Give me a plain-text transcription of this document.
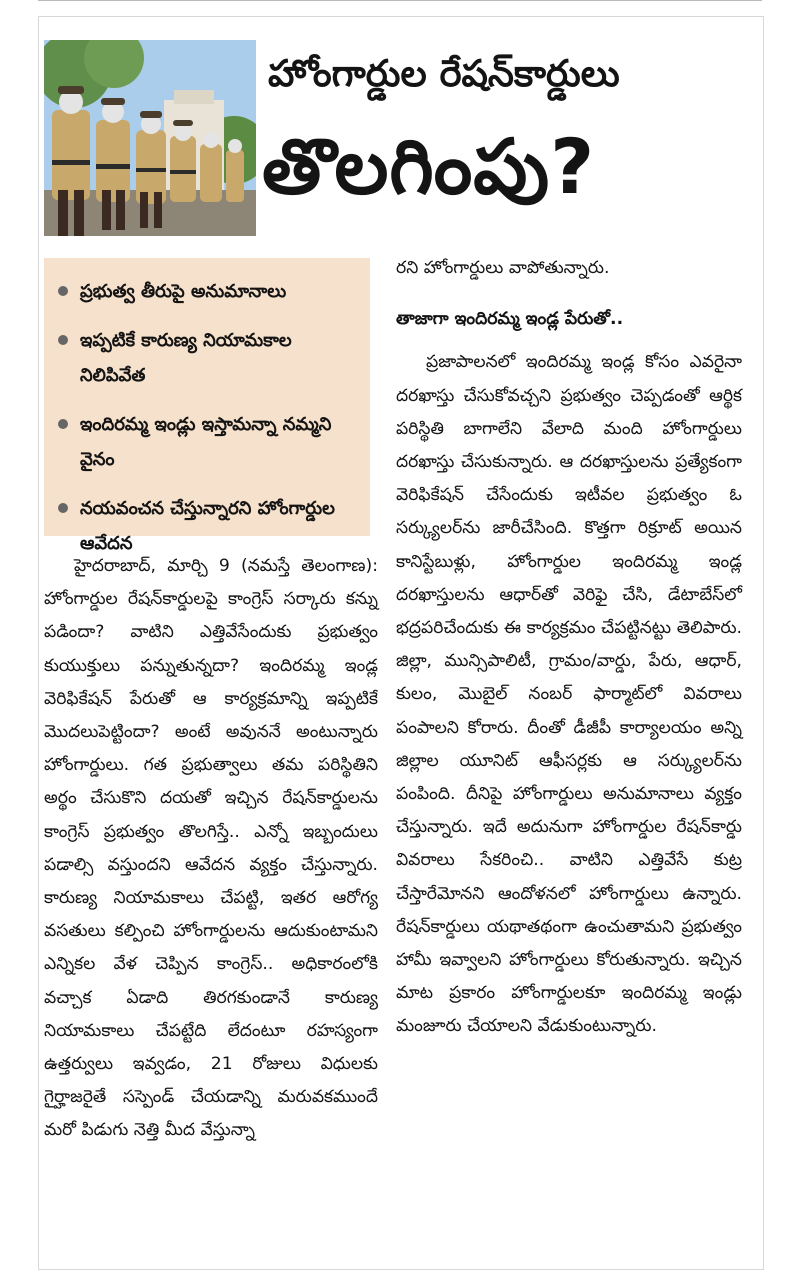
హోంగార్డుల రేషన్‌కార్డులు
తొలగింపు?
ప్రభుత్వ తీరుపై అనుమానాలు
ఇప్పటికే కారుణ్య నియామకాల నిలిపివేత
ఇందిరమ్మ ఇండ్లు ఇస్తామన్నా నమ్మని వైనం
నయవంచన చేస్తున్నారని హోంగార్డుల ఆవేదన

హైదరాబాద్, మార్చి 9 (నమస్తే తెలంగాణ): హోంగార్డుల రేషన్‌కార్డులపై కాంగ్రెస్ సర్కారు కన్ను పడిందా? వాటిని ఎత్తివేసేందుకు ప్రభుత్వం కుయుక్తులు పన్నుతున్నదా? ఇందిరమ్మ ఇండ్ల వెరిఫికేషన్ పేరుతో ఆ కార్యక్రమాన్ని ఇప్పటికే మొదలుపెట్టిందా? అంటే అవుననే అంటున్నారు హోంగార్డులు. గత ప్రభుత్వాలు తమ పరిస్థితిని అర్థం చేసుకొని దయతో ఇచ్చిన రేషన్‌కార్డులను కాంగ్రెస్ ప్రభుత్వం తొలగిస్తే.. ఎన్నో ఇబ్బందులు పడాల్సి వస్తుందని ఆవేదన వ్యక్తం చేస్తున్నారు. కారుణ్య నియామకాలు చేపట్టి, ఇతర ఆరోగ్య వసతులు కల్పించి హోంగార్డులను ఆదుకుంటామని ఎన్నికల వేళ చెప్పిన కాంగ్రెస్.. అధికారంలోకి వచ్చాక ఏడాది తిరగకుండానే కారుణ్య నియామకాలు చేపట్టేది లేదంటూ రహస్యంగా ఉత్తర్వులు ఇవ్వడం, 21 రోజులు విధులకు గైర్హాజరైతే సస్పెండ్ చేయడాన్ని మరువకముందే మరో పిడుగు నెత్తి మీద వేస్తున్నా

రని హోంగార్డులు వాపోతున్నారు.

తాజాగా ఇందిరమ్మ ఇండ్ల పేరుతో..

ప్రజాపాలనలో ఇందిరమ్మ ఇండ్ల కోసం ఎవరైనా దరఖాస్తు చేసుకోవచ్చని ప్రభుత్వం చెప్పడంతో ఆర్థిక పరిస్థితి బాగాలేని వేలాది మంది హోంగార్డులు దరఖాస్తు చేసుకున్నారు. ఆ దరఖాస్తులను ప్రత్యేకంగా వెరిఫికేషన్ చేసేందుకు ఇటీవల ప్రభుత్వం ఓ సర్క్యులర్‌ను జారీచేసింది. కొత్తగా రిక్రూట్ అయిన కానిస్టేబుళ్లు, హోంగార్డుల ఇందిరమ్మ ఇండ్ల దరఖాస్తులను ఆధార్‌తో వెరిఫై చేసి, డేటాబేస్‌లో భద్రపరిచేందుకు ఈ కార్యక్రమం చేపట్టినట్టు తెలిపారు. జిల్లా, మున్సిపాలిటీ, గ్రామం/వార్డు, పేరు, ఆధార్, కులం, మొబైల్ నంబర్ ఫార్మాట్‌లో వివరాలు పంపాలని కోరారు. దీంతో డీజీపీ కార్యాలయం అన్ని జిల్లాల యూనిట్ ఆఫీసర్లకు ఆ సర్క్యులర్‌ను పంపింది. దీనిపై హోంగార్డులు అనుమానాలు వ్యక్తం చేస్తున్నారు. ఇదే అదునుగా హోంగార్డుల రేషన్‌కార్డు వివరాలు సేకరించి.. వాటిని ఎత్తివేసే కుట్ర చేస్తారేమోనని ఆందోళనలో హోంగార్డులు ఉన్నారు. రేషన్‌కార్డులు యథాతథంగా ఉంచుతామని ప్రభుత్వం హామీ ఇవ్వాలని హోంగార్డులు కోరుతున్నారు. ఇచ్చిన మాట ప్రకారం హోంగార్డులకూ ఇందిరమ్మ ఇండ్లు మంజూరు చేయాలని వేడుకుంటున్నారు.
